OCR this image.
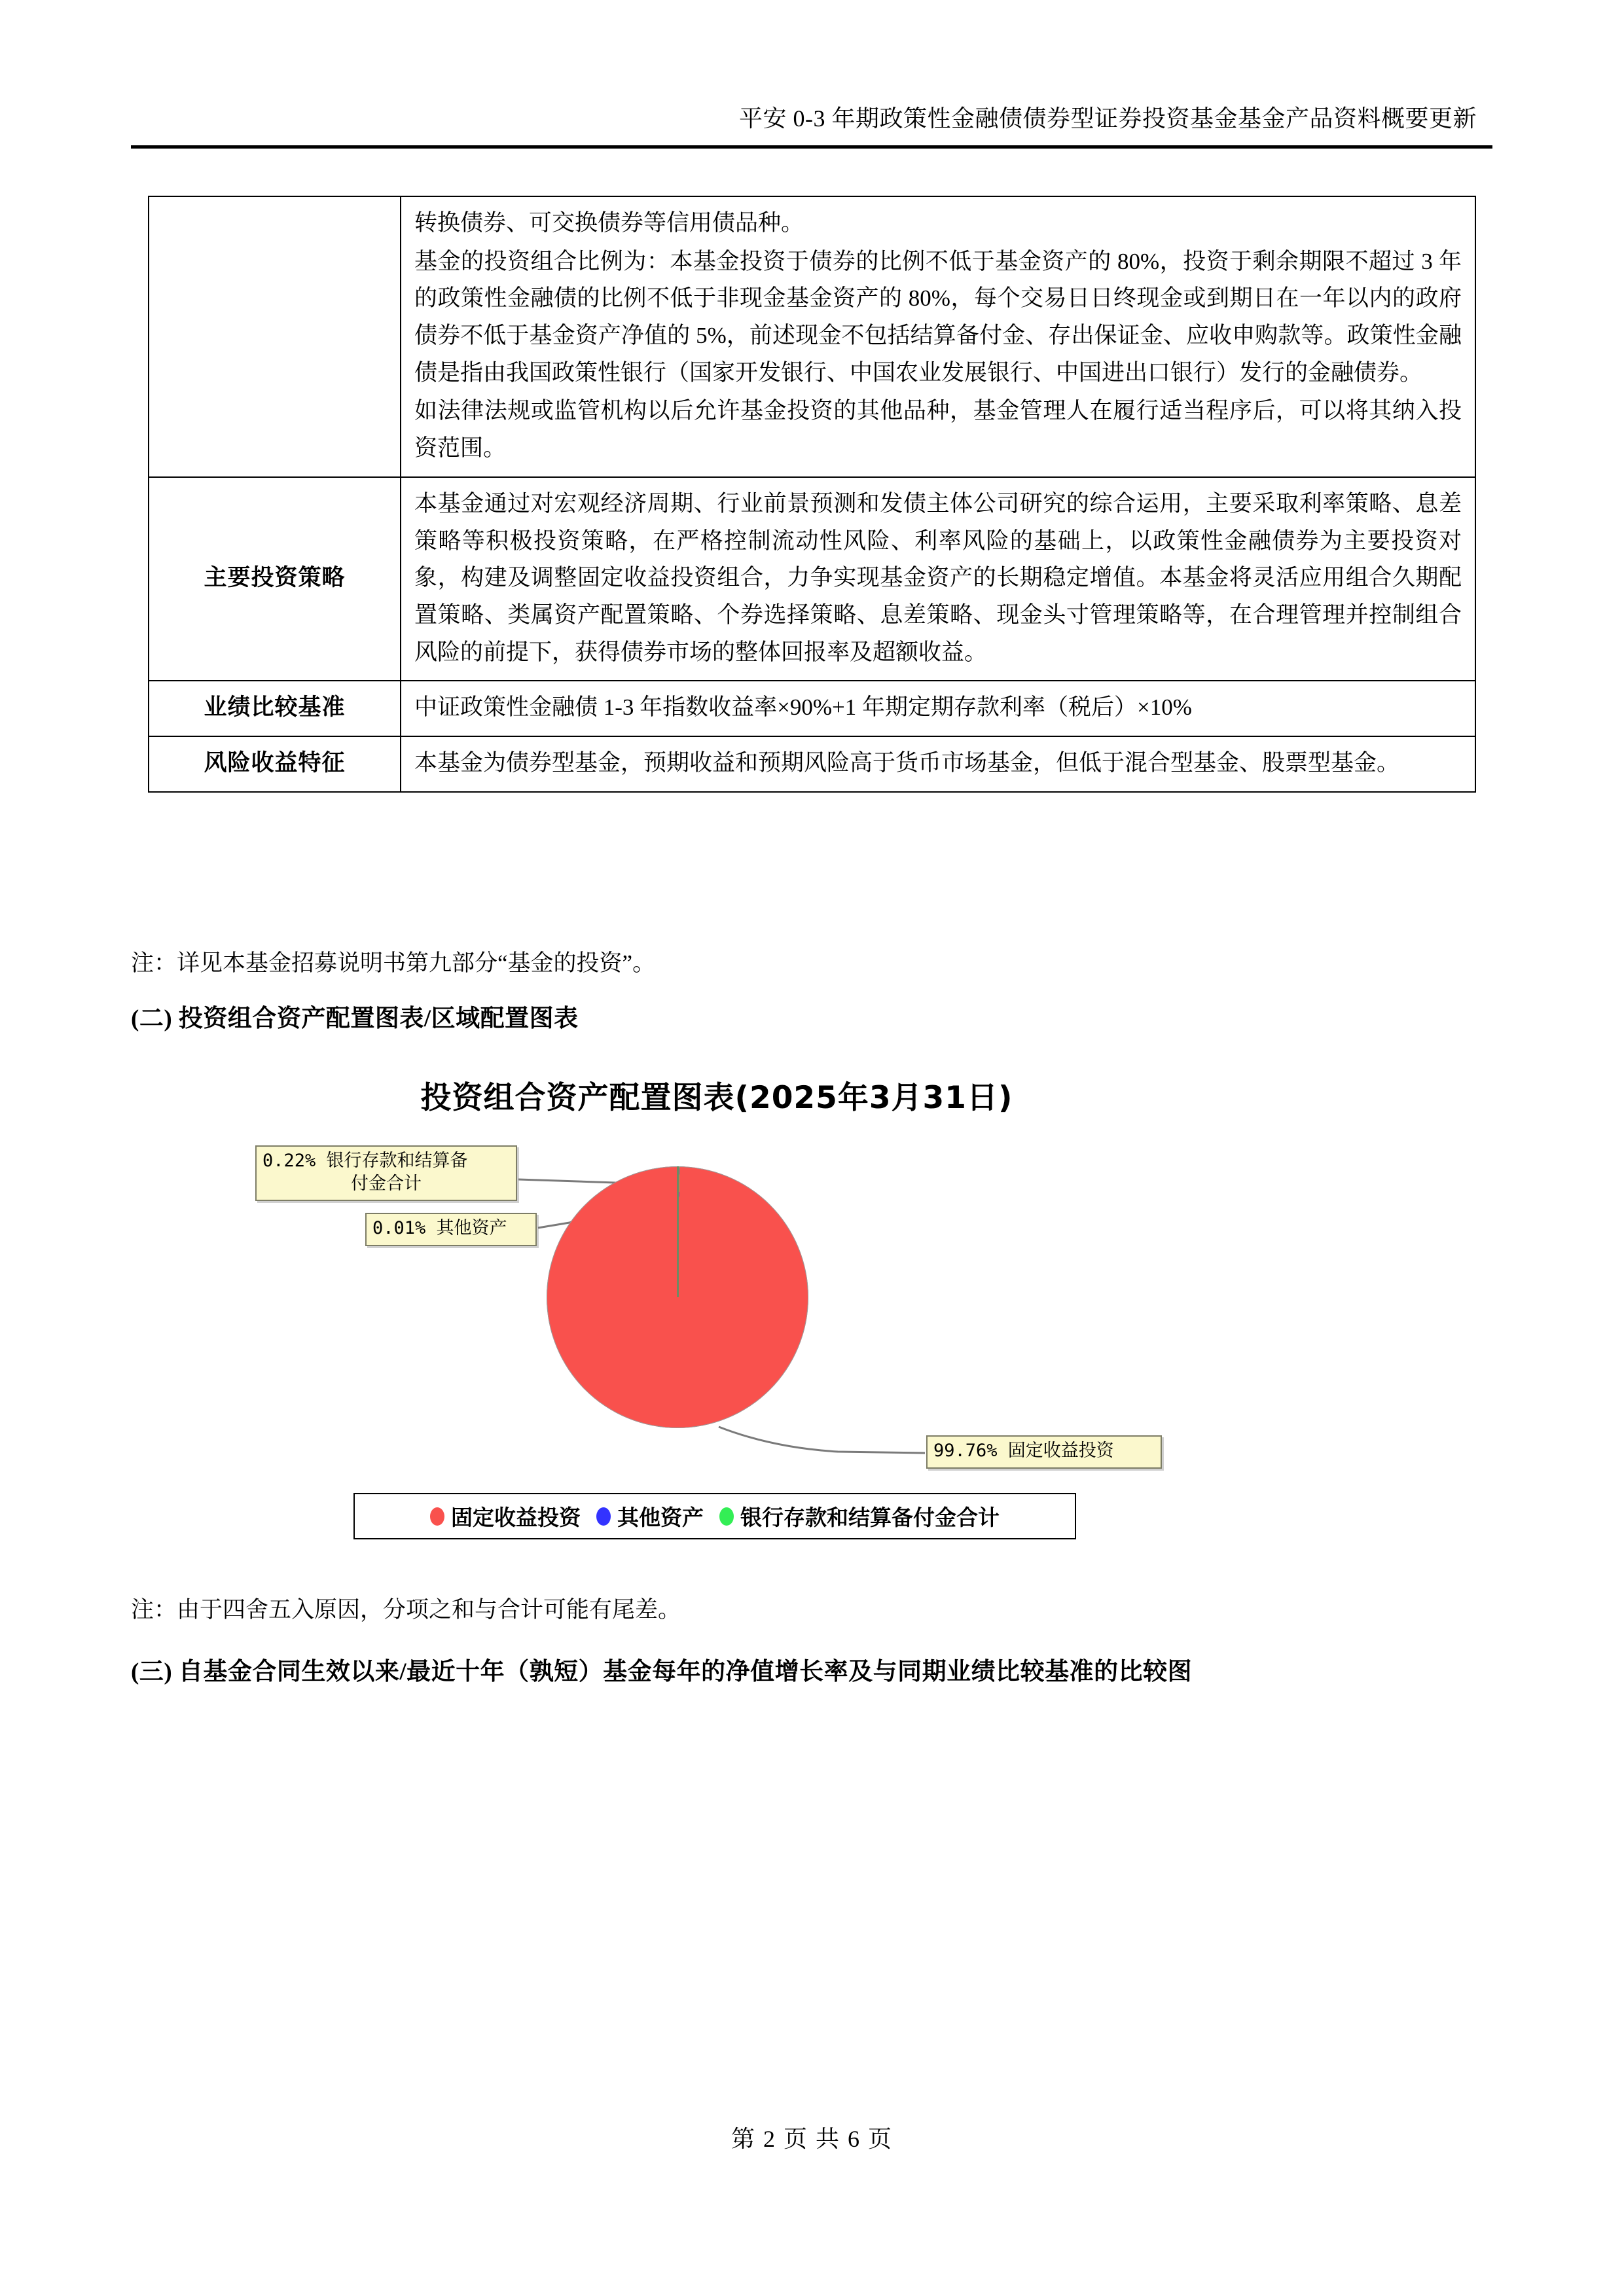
平安 0-3 年期政策性金融债债券型证券投资基金基金产品资料概要更新

	转换债券、可交换债券等信用债品种。

基金的投资组合比例为：本基金投资于债券的比例不低于基金资产的 80%，投资于剩余期限不超过 3 年的政策性金融债的比例不低于非现金基金资产的 80%，每个交易日日终现金或到期日在一年以内的政府债券不低于基金资产净值的 5%，前述现金不包括结算备付金、存出保证金、应收申购款等。政策性金融债是指由我国政策性银行（国家开发银行、中国农业发展银行、中国进出口银行）发行的金融债券。

如法律法规或监管机构以后允许基金投资的其他品种，基金管理人在履行适当程序后，可以将其纳入投资范围。

主要投资策略	本基金通过对宏观经济周期、行业前景预测和发债主体公司研究的综合运用，主要采取利率策略、息差策略等积极投资策略，在严格控制流动性风险、利率风险的基础上，以政策性金融债券为主要投资对象，构建及调整固定收益投资组合，力争实现基金资产的长期稳定增值。本基金将灵活应用组合久期配置策略、类属资产配置策略、个券选择策略、息差策略、现金头寸管理策略等，在合理管理并控制组合风险的前提下，获得债券市场的整体回报率及超额收益。

业绩比较基准	中证政策性金融债 1-3 年指数收益率×90%+1 年期定期存款利率（税后）×10%

风险收益特征	本基金为债券型基金，预期收益和预期风险高于货币市场基金，但低于混合型基金、股票型基金。

注：详见本基金招募说明书第九部分“基金的投资”。
(二) 投资组合资产配置图表/区域配置图表
投资组合资产配置图表(2025年3月31日)
0.22% 银行存款和结算备
付金合计
0.01% 其他资产
99.76% 固定收益投资
固定收益投资 其他资产 银行存款和结算备付金合计
注：由于四舍五入原因，分项之和与合计可能有尾差。
(三) 自基金合同生效以来/最近十年（孰短）基金每年的净值增长率及与同期业绩比较基准的比较图
第 2 页 共 6 页
